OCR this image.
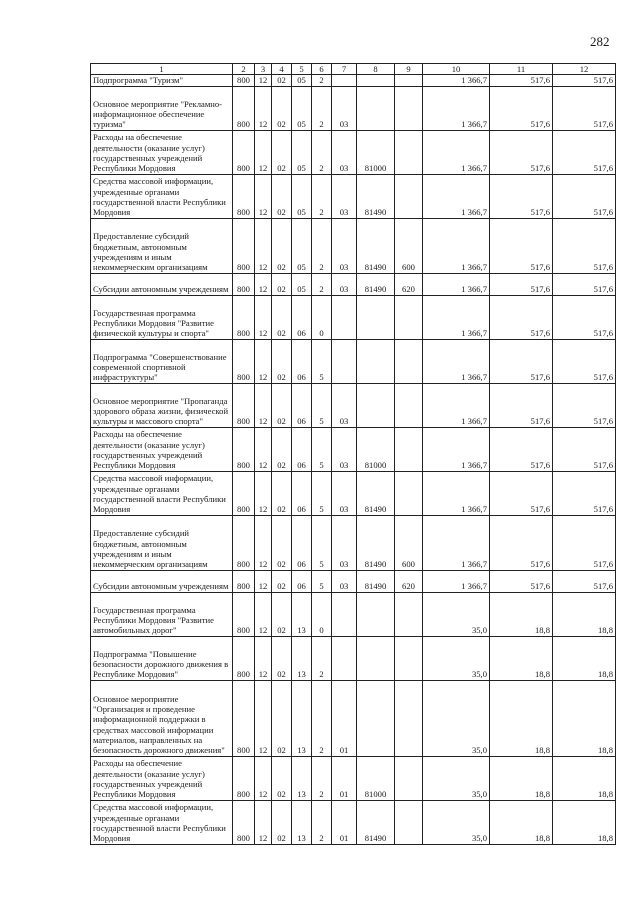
282
1	2	3	4	5	6	7	8	9	10	11	12
Подпрограмма "Туризм"	800	12	02	05	2				1 366,7	517,6	517,6
Основное мероприятие "Рекламно-информационное обеспечение туризма"	800	12	02	05	2	03			1 366,7	517,6	517,6
Расходы на обеспечение деятельности (оказание услуг) государственных учреждений Республики Мордовия	800	12	02	05	2	03	81000		1 366,7	517,6	517,6
Средства массовой информации, учрежденные органами государственной власти Республики Мордовия	800	12	02	05	2	03	81490		1 366,7	517,6	517,6
Предоставление субсидий бюджетным, автономным учреждениям и иным некоммерческим организациям	800	12	02	05	2	03	81490	600	1 366,7	517,6	517,6
Субсидии автономным учреждениям	800	12	02	05	2	03	81490	620	1 366,7	517,6	517,6
Государственная программа Республики Мордовия "Развитие физической культуры и спорта"	800	12	02	06	0				1 366,7	517,6	517,6
Подпрограмма "Совершенствование современной спортивной инфраструктуры"	800	12	02	06	5				1 366,7	517,6	517,6
Основное мероприятие "Пропаганда здорового образа жизни, физической культуры и массового спорта"	800	12	02	06	5	03			1 366,7	517,6	517,6
Расходы на обеспечение деятельности (оказание услуг) государственных учреждений Республики Мордовия	800	12	02	06	5	03	81000		1 366,7	517,6	517,6
Средства массовой информации, учрежденные органами государственной власти Республики Мордовия	800	12	02	06	5	03	81490		1 366,7	517,6	517,6
Предоставление субсидий бюджетным, автономным учреждениям и иным некоммерческим организациям	800	12	02	06	5	03	81490	600	1 366,7	517,6	517,6
Субсидии автономным учреждениям	800	12	02	06	5	03	81490	620	1 366,7	517,6	517,6
Государственная программа Республики Мордовия "Развитие автомобильных дорог"	800	12	02	13	0				35,0	18,8	18,8
Подпрограмма "Повышение безопасности дорожного движения в Республике Мордовия"	800	12	02	13	2				35,0	18,8	18,8
Основное мероприятие "Организация и проведение информационной поддержки в средствах массовой информации материалов, направленных на безопасность дорожного движения"	800	12	02	13	2	01			35,0	18,8	18,8
Расходы на обеспечение деятельности (оказание услуг) государственных учреждений Республики Мордовия	800	12	02	13	2	01	81000		35,0	18,8	18,8
Средства массовой информации, учрежденные органами государственной власти Республики Мордовия	800	12	02	13	2	01	81490		35,0	18,8	18,8
